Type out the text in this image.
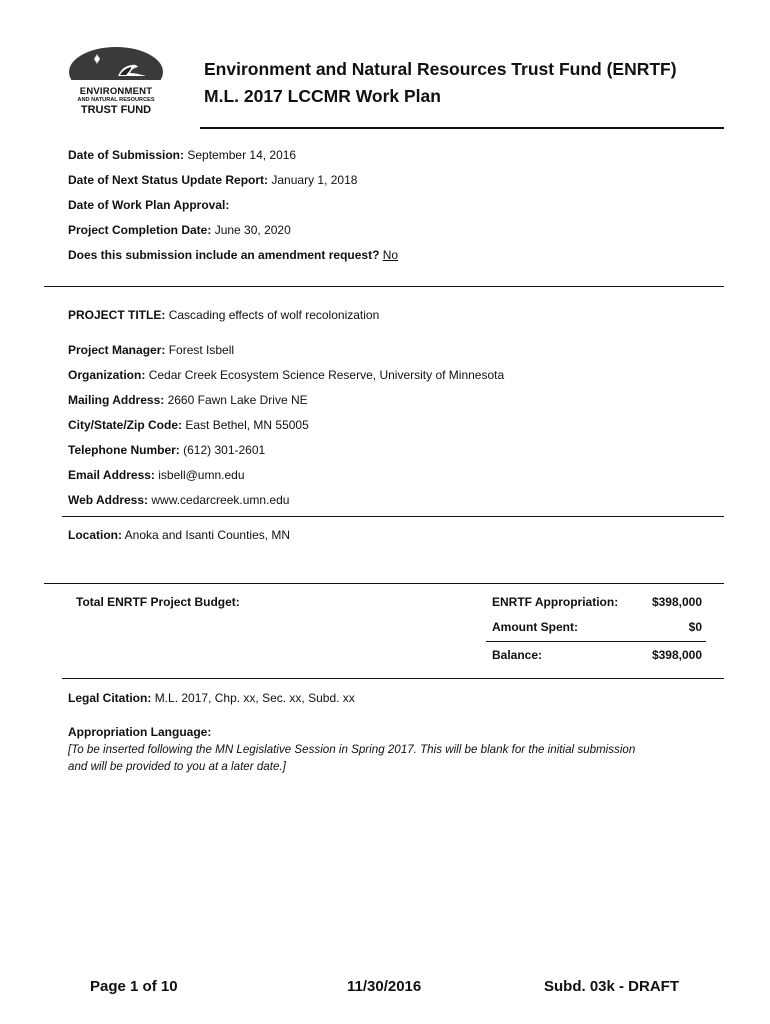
ENVIRONMENT
AND NATURAL RESOURCES
TRUST FUND
Environment and Natural Resources Trust Fund (ENRTF)
M.L. 2017 LCCMR Work Plan
Date of Submission: September 14, 2016
Date of Next Status Update Report: January 1, 2018
Date of Work Plan Approval:
Project Completion Date: June 30, 2020
Does this submission include an amendment request? No
PROJECT TITLE: Cascading effects of wolf recolonization
Project Manager: Forest Isbell
Organization: Cedar Creek Ecosystem Science Reserve, University of Minnesota
Mailing Address: 2660 Fawn Lake Drive NE
City/State/Zip Code: East Bethel, MN 55005
Telephone Number: (612) 301-2601
Email Address: isbell@umn.edu
Web Address: www.cedarcreek.umn.edu
Location: Anoka and Isanti Counties, MN
Total ENRTF Project Budget:	ENRTF Appropriation:	$398,000
Amount Spent:	$0
Balance:	$398,000
Legal Citation: M.L. 2017, Chp. xx, Sec. xx, Subd. xx
Appropriation Language:
[To be inserted following the MN Legislative Session in Spring 2017. This will be blank for the initial submission
and will be provided to you at a later date.]
Page 1 of 10	11/30/2016	Subd. 03k - DRAFT
